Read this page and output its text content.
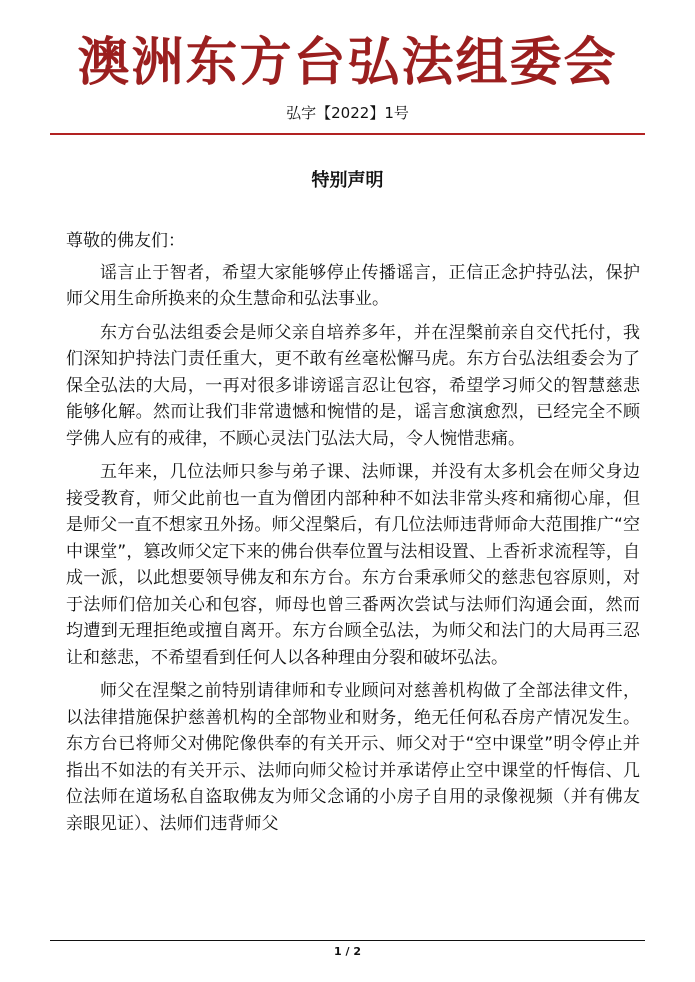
澳洲东方台弘法组委会
弘字【2022】1号
特别声明

尊敬的佛友们：

谣言止于智者，希望大家能够停止传播谣言，正信正念护持弘法，保护师父用生命所换来的众生慧命和弘法事业。

东方台弘法组委会是师父亲自培养多年，并在涅槃前亲自交代托付，我们深知护持法门责任重大，更不敢有丝毫松懈马虎。东方台弘法组委会为了保全弘法的大局，一再对很多诽谤谣言忍让包容，希望学习师父的智慧慈悲能够化解。然而让我们非常遗憾和惋惜的是，谣言愈演愈烈，已经完全不顾学佛人应有的戒律，不顾心灵法门弘法大局，令人惋惜悲痛。

五年来，几位法师只参与弟子课、法师课，并没有太多机会在师父身边接受教育，师父此前也一直为僧团内部种种不如法非常头疼和痛彻心扉，但是师父一直不想家丑外扬。师父涅槃后，有几位法师违背师命大范围推广“空中课堂”，篡改师父定下来的佛台供奉位置与法相设置、上香祈求流程等，自成一派，以此想要领导佛友和东方台。东方台秉承师父的慈悲包容原则，对于法师们倍加关心和包容，师母也曾三番两次尝试与法师们沟通会面，然而均遭到无理拒绝或擅自离开。东方台顾全弘法，为师父和法门的大局再三忍让和慈悲，不希望看到任何人以各种理由分裂和破坏弘法。

师父在涅槃之前特别请律师和专业顾问对慈善机构做了全部法律文件，以法律措施保护慈善机构的全部物业和财务，绝无任何私吞房产情况发生。东方台已将师父对佛陀像供奉的有关开示、师父对于“空中课堂”明令停止并指出不如法的有关开示、法师向师父检讨并承诺停止空中课堂的忏悔信、几位法师在道场私自盗取佛友为师父念诵的小房子自用的录像视频（并有佛友亲眼见证）、法师们违背师父

1 / 2
